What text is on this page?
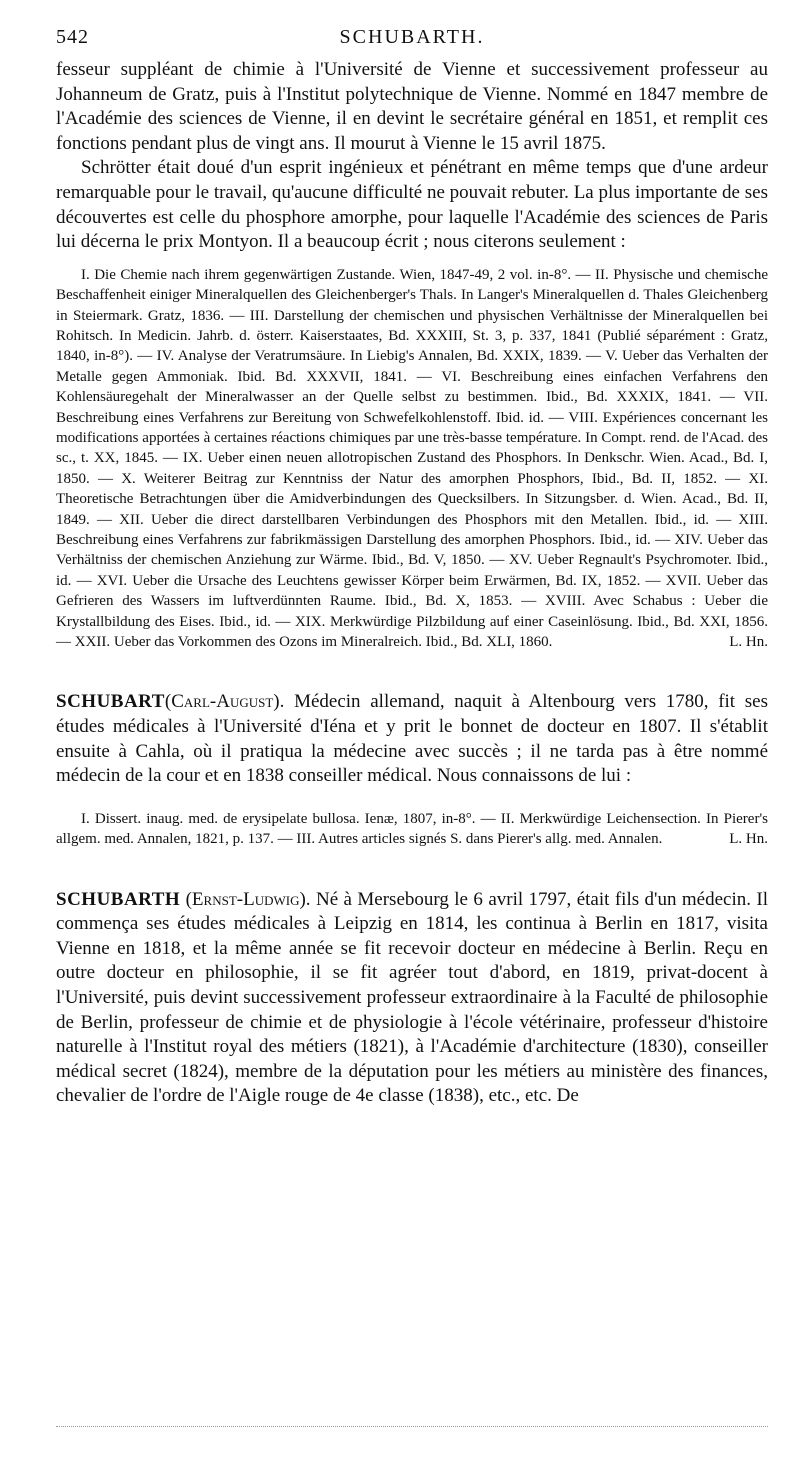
542	SCHUBARTH.

fesseur suppléant de chimie à l'Université de Vienne et successivement professeur au Johanneum de Gratz, puis à l'Institut polytechnique de Vienne. Nommé en 1847 membre de l'Académie des sciences de Vienne, il en devint le secrétaire général en 1851, et remplit ces fonctions pendant plus de vingt ans. Il mourut à Vienne le 15 avril 1875.

Schrötter était doué d'un esprit ingénieux et pénétrant en même temps que d'une ardeur remarquable pour le travail, qu'aucune difficulté ne pouvait rebuter. La plus importante de ses découvertes est celle du phosphore amorphe, pour laquelle l'Académie des sciences de Paris lui décerna le prix Montyon. Il a beaucoup écrit ; nous citerons seulement :

I. Die Chemie nach ihrem gegenwärtigen Zustande. Wien, 1847-49, 2 vol. in-8°. — II. Physische und chemische Beschaffenheit einiger Mineralquellen des Gleichenberger's Thals. In Langer's Mineralquellen d. Thales Gleichenberg in Steiermark. Gratz, 1836. — III. Darstellung der chemischen und physischen Verhältnisse der Mineralquellen bei Rohitsch. In Medicin. Jahrb. d. österr. Kaiserstaates, Bd. XXXIII, St. 3, p. 337, 1841 (Publié séparément : Gratz, 1840, in-8°). — IV. Analyse der Veratrumsäure. In Liebig's Annalen, Bd. XXIX, 1839. — V. Ueber das Verhalten der Metalle gegen Ammoniak. Ibid. Bd. XXXVII, 1841. — VI. Beschreibung eines einfachen Verfahrens den Kohlensäuregehalt der Mineralwasser an der Quelle selbst zu bestimmen. Ibid., Bd. XXXIX, 1841. — VII. Beschreibung eines Verfahrens zur Bereitung von Schwefelkohlenstoff. Ibid. id. — VIII. Expériences concernant les modifications apportées à certaines réactions chimiques par une très-basse température. In Compt. rend. de l'Acad. des sc., t. XX, 1845. — IX. Ueber einen neuen allotropischen Zustand des Phosphors. In Denkschr. Wien. Acad., Bd. I, 1850. — X. Weiterer Beitrag zur Kenntniss der Natur des amorphen Phosphors, Ibid., Bd. II, 1852. — XI. Theoretische Betrachtungen über die Amidverbindungen des Quecksilbers. In Sitzungsber. d. Wien. Acad., Bd. II, 1849. — XII. Ueber die direct darstellbaren Verbindungen des Phosphors mit den Metallen. Ibid., id. — XIII. Beschreibung eines Verfahrens zur fabrikmässigen Darstellung des amorphen Phosphors. Ibid., id. — XIV. Ueber das Verhältniss der chemischen Anziehung zur Wärme. Ibid., Bd. V, 1850. — XV. Ueber Regnault's Psychromoter. Ibid., id. — XVI. Ueber die Ursache des Leuchtens gewisser Körper beim Erwärmen, Bd. IX, 1852. — XVII. Ueber das Gefrieren des Wassers im luftverdünnten Raume. Ibid., Bd. X, 1853. — XVIII. Avec Schabus : Ueber die Krystallbildung des Eises. Ibid., id. — XIX. Merkwürdige Pilzbildung auf einer Caseinlösung. Ibid., Bd. XXI, 1856. — XXII. Ueber das Vorkommen des Ozons im Mineralreich. Ibid., Bd. XLI, 1860.	L. Hn.

SCHUBART(Carl-August). Médecin allemand, naquit à Altenbourg vers 1780, fit ses études médicales à l'Université d'Iéna et y prit le bonnet de docteur en 1807. Il s'établit ensuite à Cahla, où il pratiqua la médecine avec succès ; il ne tarda pas à être nommé médecin de la cour et en 1838 conseiller médical. Nous connaissons de lui :

I. Dissert. inaug. med. de erysipelate bullosa. Ienæ, 1807, in-8°. — II. Merkwürdige Leichensection. In Pierer's allgem. med. Annalen, 1821, p. 137. — III. Autres articles signés S. dans Pierer's allg. med. Annalen.	L. Hn.

SCHUBARTH (Ernst-Ludwig). Né à Mersebourg le 6 avril 1797, était fils d'un médecin. Il commença ses études médicales à Leipzig en 1814, les continua à Berlin en 1817, visita Vienne en 1818, et la même année se fit recevoir docteur en médecine à Berlin. Reçu en outre docteur en philosophie, il se fit agréer tout d'abord, en 1819, privat-docent à l'Université, puis devint successivement professeur extraordinaire à la Faculté de philosophie de Berlin, professeur de chimie et de physiologie à l'école vétérinaire, professeur d'histoire naturelle à l'Institut royal des métiers (1821), à l'Académie d'architecture (1830), conseiller médical secret (1824), membre de la députation pour les métiers au ministère des finances, chevalier de l'ordre de l'Aigle rouge de 4e classe (1838), etc., etc. De
